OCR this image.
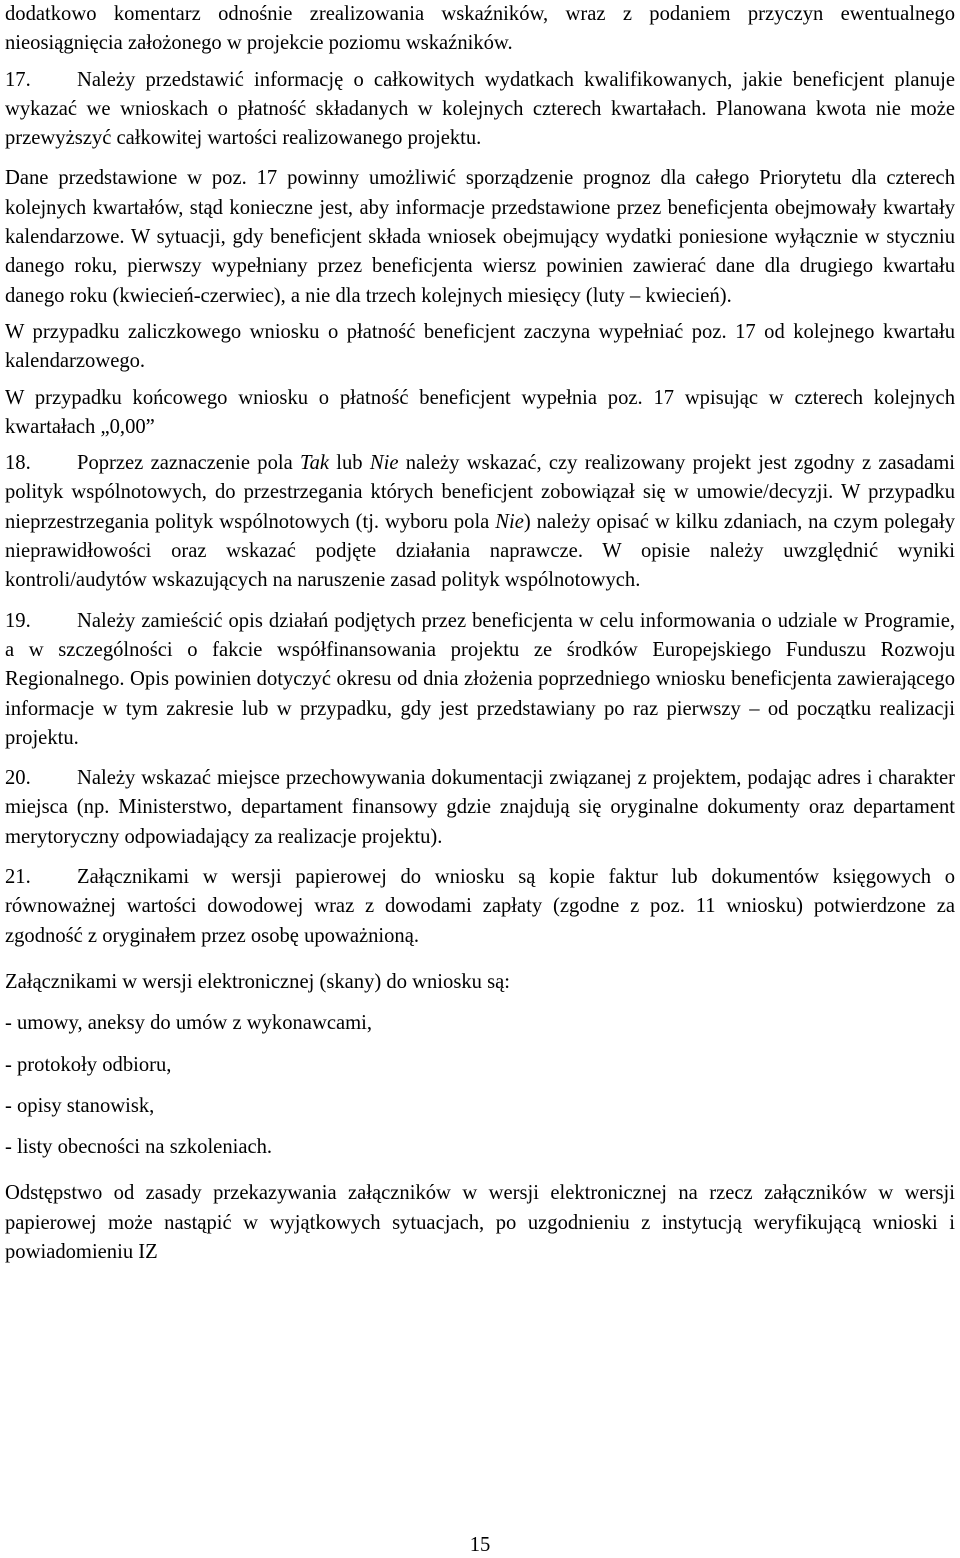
dodatkowo komentarz odnośnie zrealizowania wskaźników, wraz z podaniem przyczyn ewentualnego nieosiągnięcia założonego w projekcie poziomu wskaźników.

17. Należy przedstawić informację o całkowitych wydatkach kwalifikowanych, jakie beneficjent planuje wykazać we wnioskach o płatność składanych w kolejnych czterech kwartałach. Planowana kwota nie może przewyższyć całkowitej wartości realizowanego projektu.

Dane przedstawione w poz. 17 powinny umożliwić sporządzenie prognoz dla całego Priorytetu dla czterech kolejnych kwartałów, stąd konieczne jest, aby informacje przedstawione przez beneficjenta obejmowały kwartały kalendarzowe. W sytuacji, gdy beneficjent składa wniosek obejmujący wydatki poniesione wyłącznie w styczniu danego roku, pierwszy wypełniany przez beneficjenta wiersz powinien zawierać dane dla drugiego kwartału danego roku (kwiecień-czerwiec), a nie dla trzech kolejnych miesięcy (luty – kwiecień).

W przypadku zaliczkowego wniosku o płatność beneficjent zaczyna wypełniać poz. 17 od kolejnego kwartału kalendarzowego.

W przypadku końcowego wniosku o płatność beneficjent wypełnia poz. 17 wpisując w czterech kolejnych kwartałach „0,00”

18. Poprzez zaznaczenie pola Tak lub Nie należy wskazać, czy realizowany projekt jest zgodny z zasadami polityk wspólnotowych, do przestrzegania których beneficjent zobowiązał się w umowie/decyzji. W przypadku nieprzestrzegania polityk wspólnotowych (tj. wyboru pola Nie) należy opisać w kilku zdaniach, na czym polegały nieprawidłowości oraz wskazać podjęte działania naprawcze. W opisie należy uwzględnić wyniki kontroli/audytów wskazujących na naruszenie zasad polityk wspólnotowych.

19. Należy zamieścić opis działań podjętych przez beneficjenta w celu informowania o udziale w Programie, a w szczególności o fakcie współfinansowania projektu ze środków Europejskiego Funduszu Rozwoju Regionalnego. Opis powinien dotyczyć okresu od dnia złożenia poprzedniego wniosku beneficjenta zawierającego informacje w tym zakresie lub w przypadku, gdy jest przedstawiany po raz pierwszy – od początku realizacji projektu.

20. Należy wskazać miejsce przechowywania dokumentacji związanej z projektem, podając adres i charakter miejsca (np. Ministerstwo, departament finansowy gdzie znajdują się oryginalne dokumenty oraz departament merytoryczny odpowiadający za realizacje projektu).

21. Załącznikami w wersji papierowej do wniosku są kopie faktur lub dokumentów księgowych o równoważnej wartości dowodowej wraz z dowodami zapłaty (zgodne z poz. 11 wniosku) potwierdzone za zgodność z oryginałem przez osobę upoważnioną.

Załącznikami w wersji elektronicznej (skany) do wniosku są:

- umowy, aneksy do umów z wykonawcami,

- protokoły odbioru,

- opisy stanowisk,

- listy obecności na szkoleniach.

Odstępstwo od zasady przekazywania załączników w wersji elektronicznej na rzecz załączników w wersji papierowej może nastąpić w wyjątkowych sytuacjach, po uzgodnieniu z instytucją weryfikującą wnioski i powiadomieniu IZ

15
